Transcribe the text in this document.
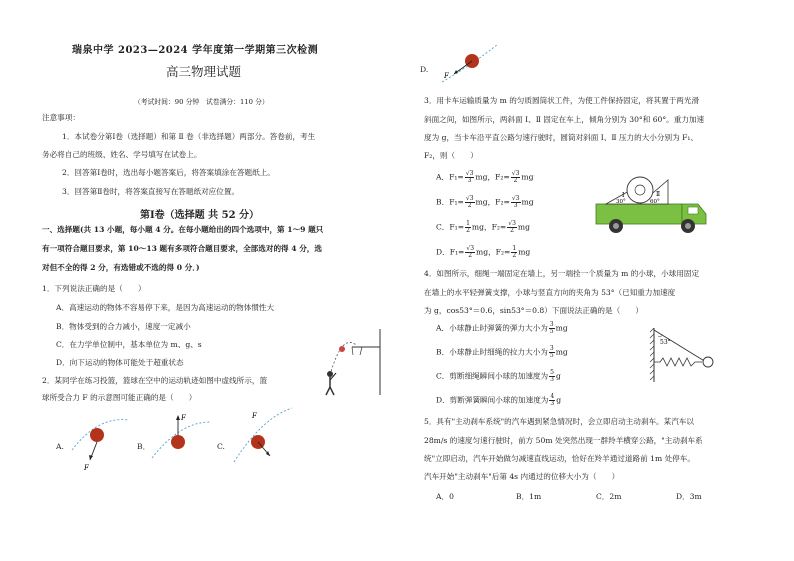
瑞泉中学 2023—2024 学年度第一学期第三次检测
高三物理试题
（考试时间：90 分钟　试卷满分：110 分）
注意事项：
1．本试卷分第Ⅰ卷（选择题）和第 Ⅱ 卷（非选择题）两部分。答卷前，考生
务必将自己的班级、姓名、学号填写在试卷上。
2．回答第Ⅰ卷时，选出每小题答案后，将答案填涂在答题纸上。
3．回答第Ⅱ卷时，将答案直接写在答题纸对应位置。
第Ⅰ卷（选择题 共 52 分）
一、选择题(共 13 小题，每小题 4 分。在每小题给出的四个选项中，第 1～9 题只
有一项符合题目要求，第 10～13 题有多项符合题目要求，全部选对的得 4 分，选
对但不全的得 2 分，有选错或不选的得 0 分．)
1．下列说法正确的是（　　）
A．高速运动的物体不容易停下来，是因为高速运动的物体惯性大
B．物体受到的合力减小，速度一定减小
C．在力学单位制中，基本单位为 m、g、s
D．向下运动的物体可能处于超重状态
2．某同学在练习投篮，篮球在空中的运动轨迹如图中虚线所示，篮
球所受合力 F 的示意图可能正确的是（　　）
A.
F
B．
F
C.
F
D.
F
3．用卡车运输质量为 m 的匀质圆筒状工件，为使工件保持固定，将其置于两光滑
斜面之间，如图所示，两斜面 Ⅰ、Ⅱ 固定在车上，倾角分别为 30°和 60°。重力加速
度为 g，当卡车沿平直公路匀速行驶时，圆筒对斜面 Ⅰ、Ⅱ 压力的大小分别为 F₁、
F₂，则（　　）
A．$F_1= \frac{√3}{3}$ mg，$F_2= \frac{√3}{2}$ mg
B．$F_1= \frac{√3}{2}$ mg，$F_2= \frac{√3}{3}$ mg
C．$F_1= \frac{1}{2}$ mg，$F_2= \frac{√3}{2}$ mg
D．$F_1= \frac{√3}{2}$ mg，$F_2= \frac{1}{2}$ mg
Ⅰ	Ⅱ
30°	60°
4．如图所示，细绳一端固定在墙上，另一端拴一个质量为 m 的小球，小球用固定
在墙上的水平轻弹簧支撑，小球与竖直方向的夹角为 53°（已知重力加速度
为 g，cos53°＝0.6，sin53°＝0.8）下面说法正确的是（　　）
A．小球静止时弹簧的弹力大小为 $\frac{3}{5}$ mg
B．小球静止时细绳的拉力大小为 $\frac{3}{5}$ mg
C．剪断细绳瞬间小球的加速度为 $\frac{5}{3}$ g
D．剪断弹簧瞬间小球的加速度为 $\frac{4}{3}$ g
53°
5．具有"主动刹车系统"的汽车遇到紧急情况时，会立即启动主动刹车。某汽车以
28m/s 的速度匀速行驶时，前方 50m 处突然出现一群羚羊横穿公路，"主动刹车系
统"立即启动，汽车开始做匀减速直线运动，恰好在羚羊通过道路前 1m 处停车。
汽车开始"主动刹车"后第 4s 内通过的位移大小为（　　）
A．0	B．1m	C．2m	D．3m
